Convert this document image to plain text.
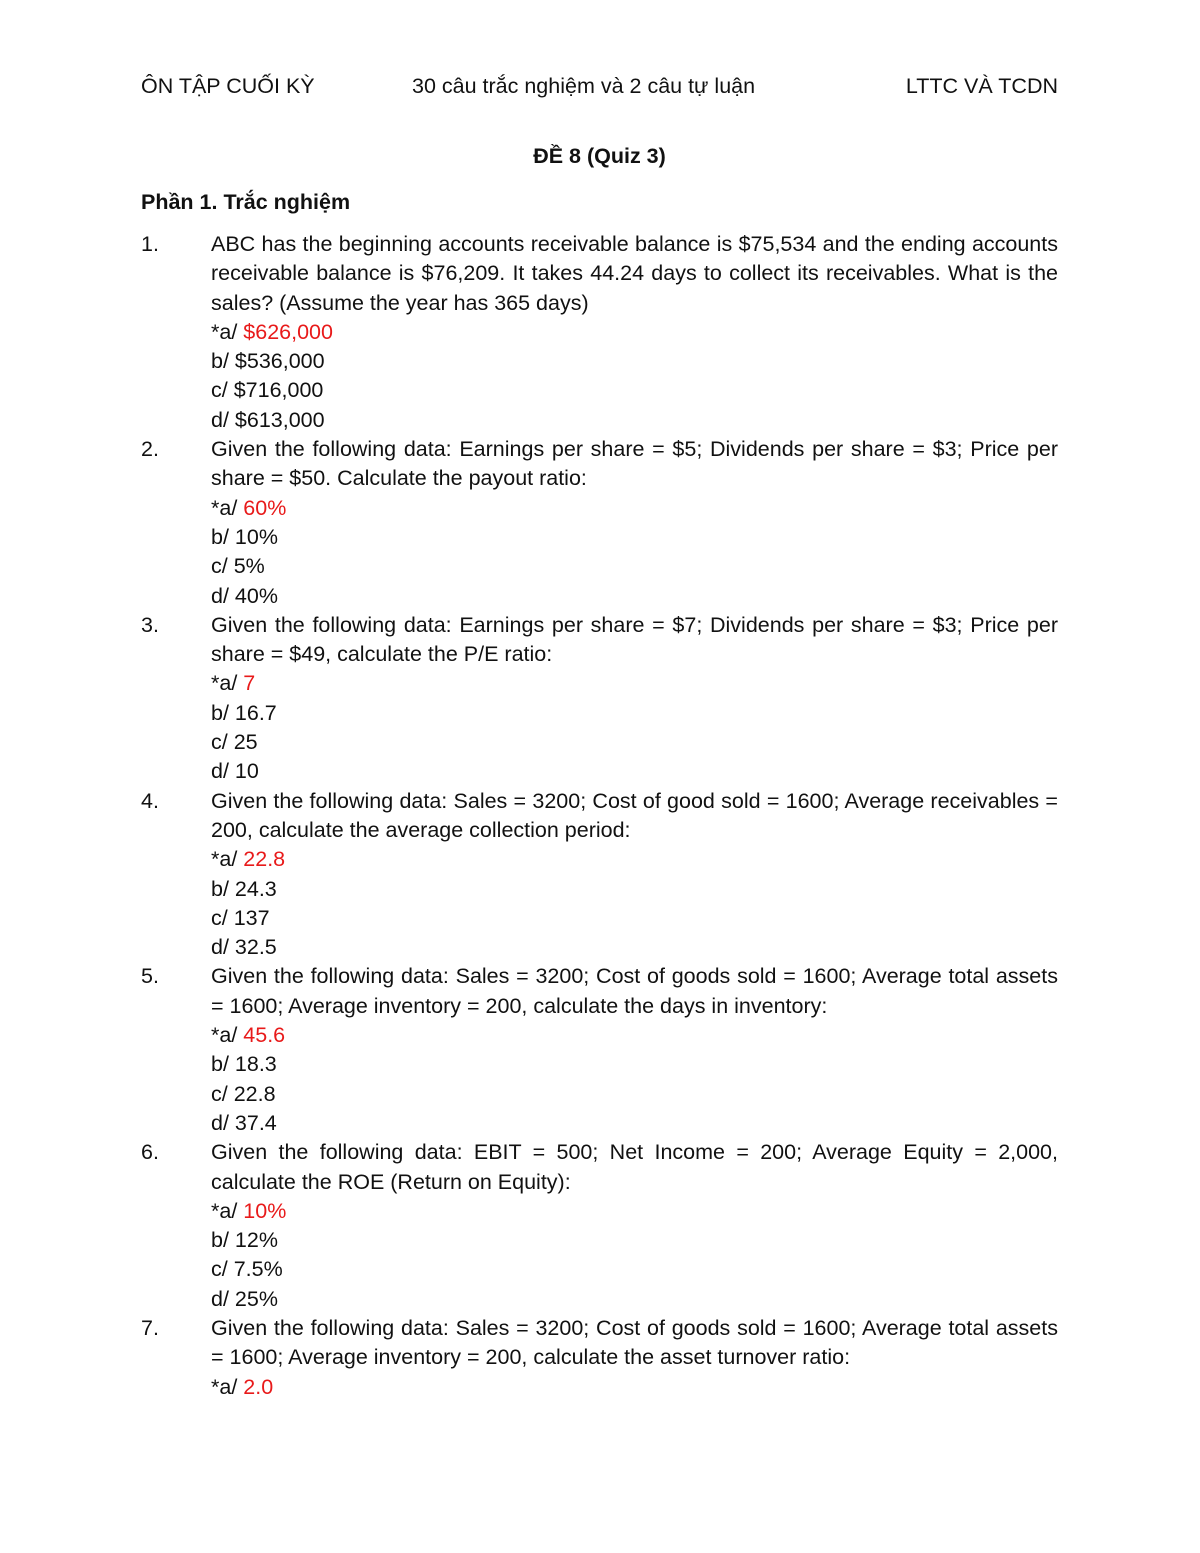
ÔN TẬP CUỐI KỲ	30 câu trắc nghiệm và 2 câu tự luận	LTTC VÀ TCDN
ĐỀ 8 (Quiz 3)
Phần 1. Trắc nghiệm
1. ABC has the beginning accounts receivable balance is $75,534 and the ending accounts receivable balance is $76,209. It takes 44.24 days to collect its receivables. What is the sales? (Assume the year has 365 days)
*a/ $626,000
b/ $536,000
c/ $716,000
d/ $613,000
2. Given the following data: Earnings per share = $5; Dividends per share = $3; Price per share = $50. Calculate the payout ratio:
*a/ 60%
b/ 10%
c/ 5%
d/ 40%
3. Given the following data: Earnings per share = $7; Dividends per share = $3; Price per share = $49, calculate the P/E ratio:
*a/ 7
b/ 16.7
c/ 25
d/ 10
4. Given the following data: Sales = 3200; Cost of good sold = 1600; Average receivables = 200, calculate the average collection period:
*a/ 22.8
b/ 24.3
c/ 137
d/ 32.5
5. Given the following data: Sales = 3200; Cost of goods sold = 1600; Average total assets = 1600; Average inventory = 200, calculate the days in inventory:
*a/ 45.6
b/ 18.3
c/ 22.8
d/ 37.4
6. Given the following data: EBIT = 500; Net Income = 200; Average Equity = 2,000, calculate the ROE (Return on Equity):
*a/ 10%
b/ 12%
c/ 7.5%
d/ 25%
7. Given the following data: Sales = 3200; Cost of goods sold = 1600; Average total assets = 1600; Average inventory = 200, calculate the asset turnover ratio:
*a/ 2.0
